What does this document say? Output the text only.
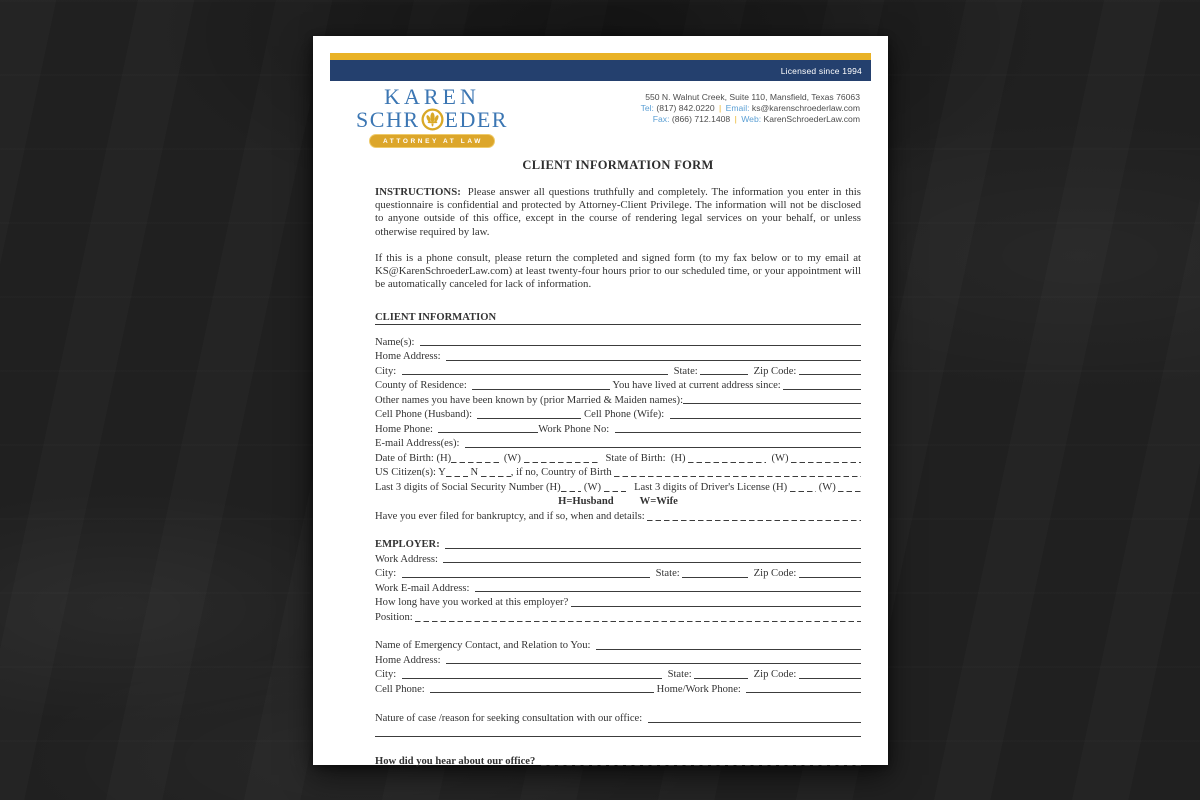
Licensed since 1994
KAREN
SCHR EDER
ATTORNEY AT LAW
550 N. Walnut Creek, Suite 110, Mansfield, Texas 76063
Tel: (817) 842.0220 | Email: ks@karenschroederlaw.com
Fax: (866) 712.1408 | Web: KarenSchroederLaw.com
CLIENT INFORMATION FORM

INSTRUCTIONS: Please answer all questions truthfully and completely. The information you enter in this questionnaire is confidential and protected by Attorney-Client Privilege. The information will not be disclosed to anyone outside of this office, except in the course of rendering legal services on your behalf, or unless otherwise required by law.

If this is a phone consult, please return the completed and signed form (to my fax below or to my email at KS@KarenSchroederLaw.com) at least twenty-four hours prior to our scheduled time, or your appointment will be automatically canceled for lack of information.

CLIENT INFORMATION
Name(s):
Home Address:
City:	State:	Zip Code:
County of Residence:	You have lived at current address since:
Other names you have been known by (prior Married & Maiden names):
Cell Phone (Husband):	Cell Phone (Wife):
Home Phone:	Work Phone No:
E-mail Address(es):
Date of Birth: (H)	(W)	State of Birth:  (H)	(W)
US Citizen(s): Y N	, if no, Country of Birth
Last 3 digits of Social Security Number (H) (W) Last 3 digits of Driver's License (H) (W)
H=Husband W=Wife
Have you ever filed for bankruptcy, and if so, when and details:
EMPLOYER:
Work Address:
City:	State:	Zip Code:
Work E-mail Address:
How long have you worked at this employer?
Position:
Name of Emergency Contact, and Relation to You:
Home Address:
City:	State:	Zip Code:
Cell Phone:	Home/Work Phone:
Nature of case /reason for seeking consultation with our office:
How did you hear about our office?
